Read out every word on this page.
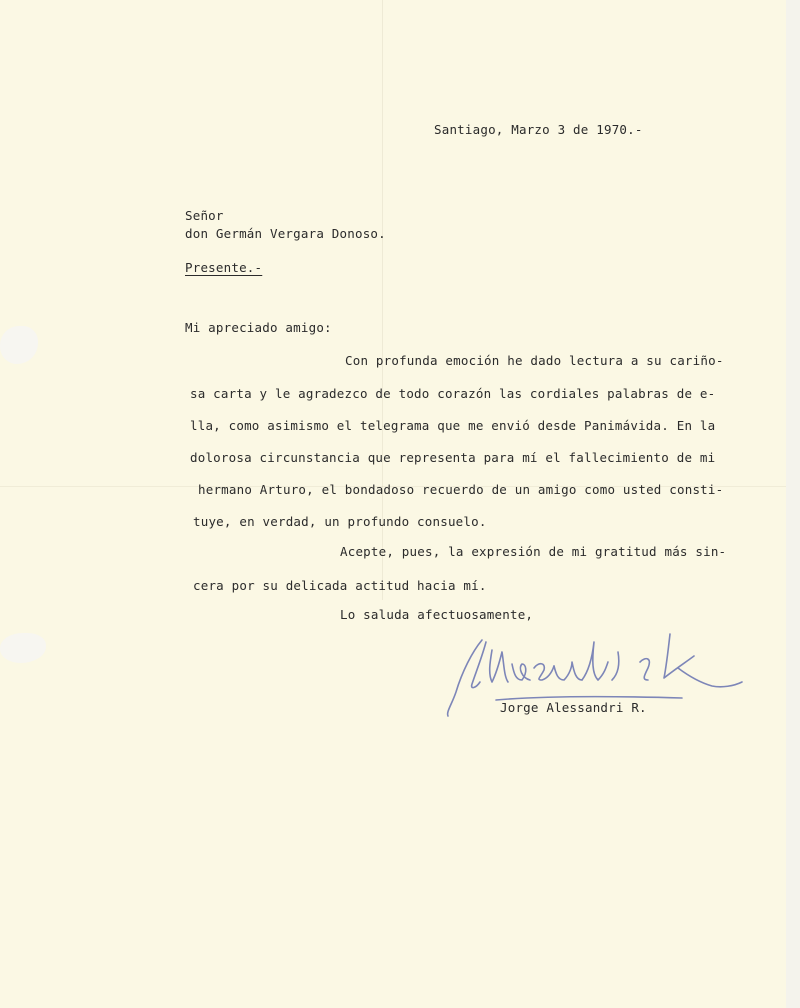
Santiago, Marzo 3 de 1970.-

Señor

don Germán Vergara Donoso.

Presente.-

Mi apreciado amigo:

Con profunda emoción he dado lectura a su cariño-

sa carta y le agradezco de todo corazón las cordiales palabras de e-

lla, como asimismo el telegrama que me envió desde Panimávida. En la

dolorosa circunstancia que representa para mí el fallecimiento de mi

hermano Arturo, el bondadoso recuerdo de un amigo como usted consti-

tuye, en verdad, un profundo consuelo.

Acepte, pues, la expresión de mi gratitud más sin-

cera por su delicada actitud hacia mí.

Lo saluda afectuosamente,

Jorge Alessandri R.
